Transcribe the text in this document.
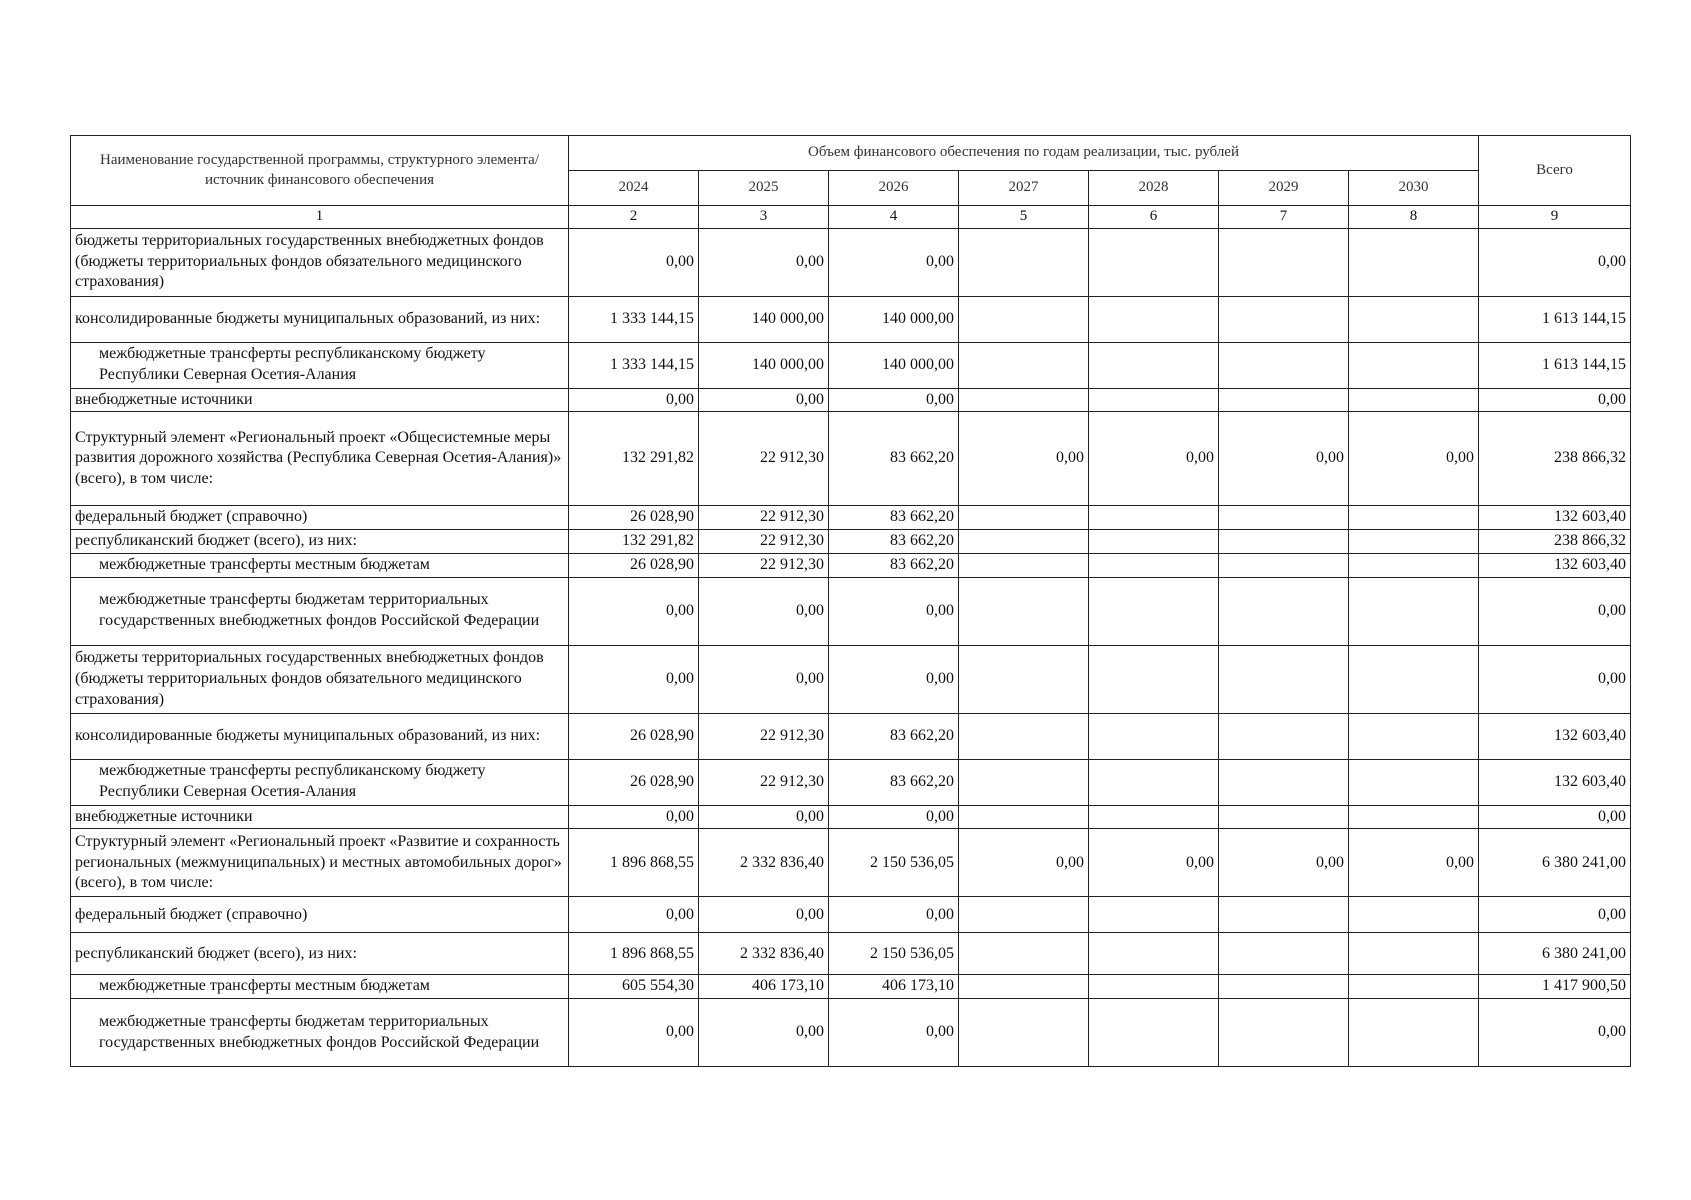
Наименование государственной программы, структурного элемента/источник финансового обеспечения	Объем финансового обеспечения по годам реализации, тыс. рублей							Всего
	2024	2025	2026	2027	2028	2029	2030	
1	2	3	4	5	6	7	8	9
бюджеты территориальных государственных внебюджетных фондов (бюджеты территориальных фондов обязательного медицинского страхования)	0,00	0,00	0,00					0,00
консолидированные бюджеты муниципальных образований, из них:	1 333 144,15	140 000,00	140 000,00					1 613 144,15
межбюджетные трансферты республиканскому бюджету Республики Северная Осетия-Алания	1 333 144,15	140 000,00	140 000,00					1 613 144,15
внебюджетные источники	0,00	0,00	0,00					0,00
Структурный элемент «Региональный проект «Общесистемные меры развития дорожного хозяйства (Республика Северная Осетия-Алания)» (всего), в том числе:	132 291,82	22 912,30	83 662,20	0,00	0,00	0,00	0,00	238 866,32
федеральный бюджет (справочно)	26 028,90	22 912,30	83 662,20					132 603,40
республиканский бюджет (всего), из них:	132 291,82	22 912,30	83 662,20					238 866,32
межбюджетные трансферты местным бюджетам	26 028,90	22 912,30	83 662,20					132 603,40
межбюджетные трансферты бюджетам территориальных государственных внебюджетных фондов Российской Федерации	0,00	0,00	0,00					0,00
бюджеты территориальных государственных внебюджетных фондов (бюджеты территориальных фондов обязательного медицинского страхования)	0,00	0,00	0,00					0,00
консолидированные бюджеты муниципальных образований, из них:	26 028,90	22 912,30	83 662,20					132 603,40
межбюджетные трансферты республиканскому бюджету Республики Северная Осетия-Алания	26 028,90	22 912,30	83 662,20					132 603,40
внебюджетные источники	0,00	0,00	0,00					0,00
Структурный элемент «Региональный проект «Развитие и сохранность региональных (межмуниципальных) и местных автомобильных дорог» (всего), в том числе:	1 896 868,55	2 332 836,40	2 150 536,05	0,00	0,00	0,00	0,00	6 380 241,00
федеральный бюджет (справочно)	0,00	0,00	0,00					0,00
республиканский бюджет (всего), из них:	1 896 868,55	2 332 836,40	2 150 536,05					6 380 241,00
межбюджетные трансферты местным бюджетам	605 554,30	406 173,10	406 173,10					1 417 900,50
межбюджетные трансферты бюджетам территориальных государственных внебюджетных фондов Российской Федерации	0,00	0,00	0,00					0,00
